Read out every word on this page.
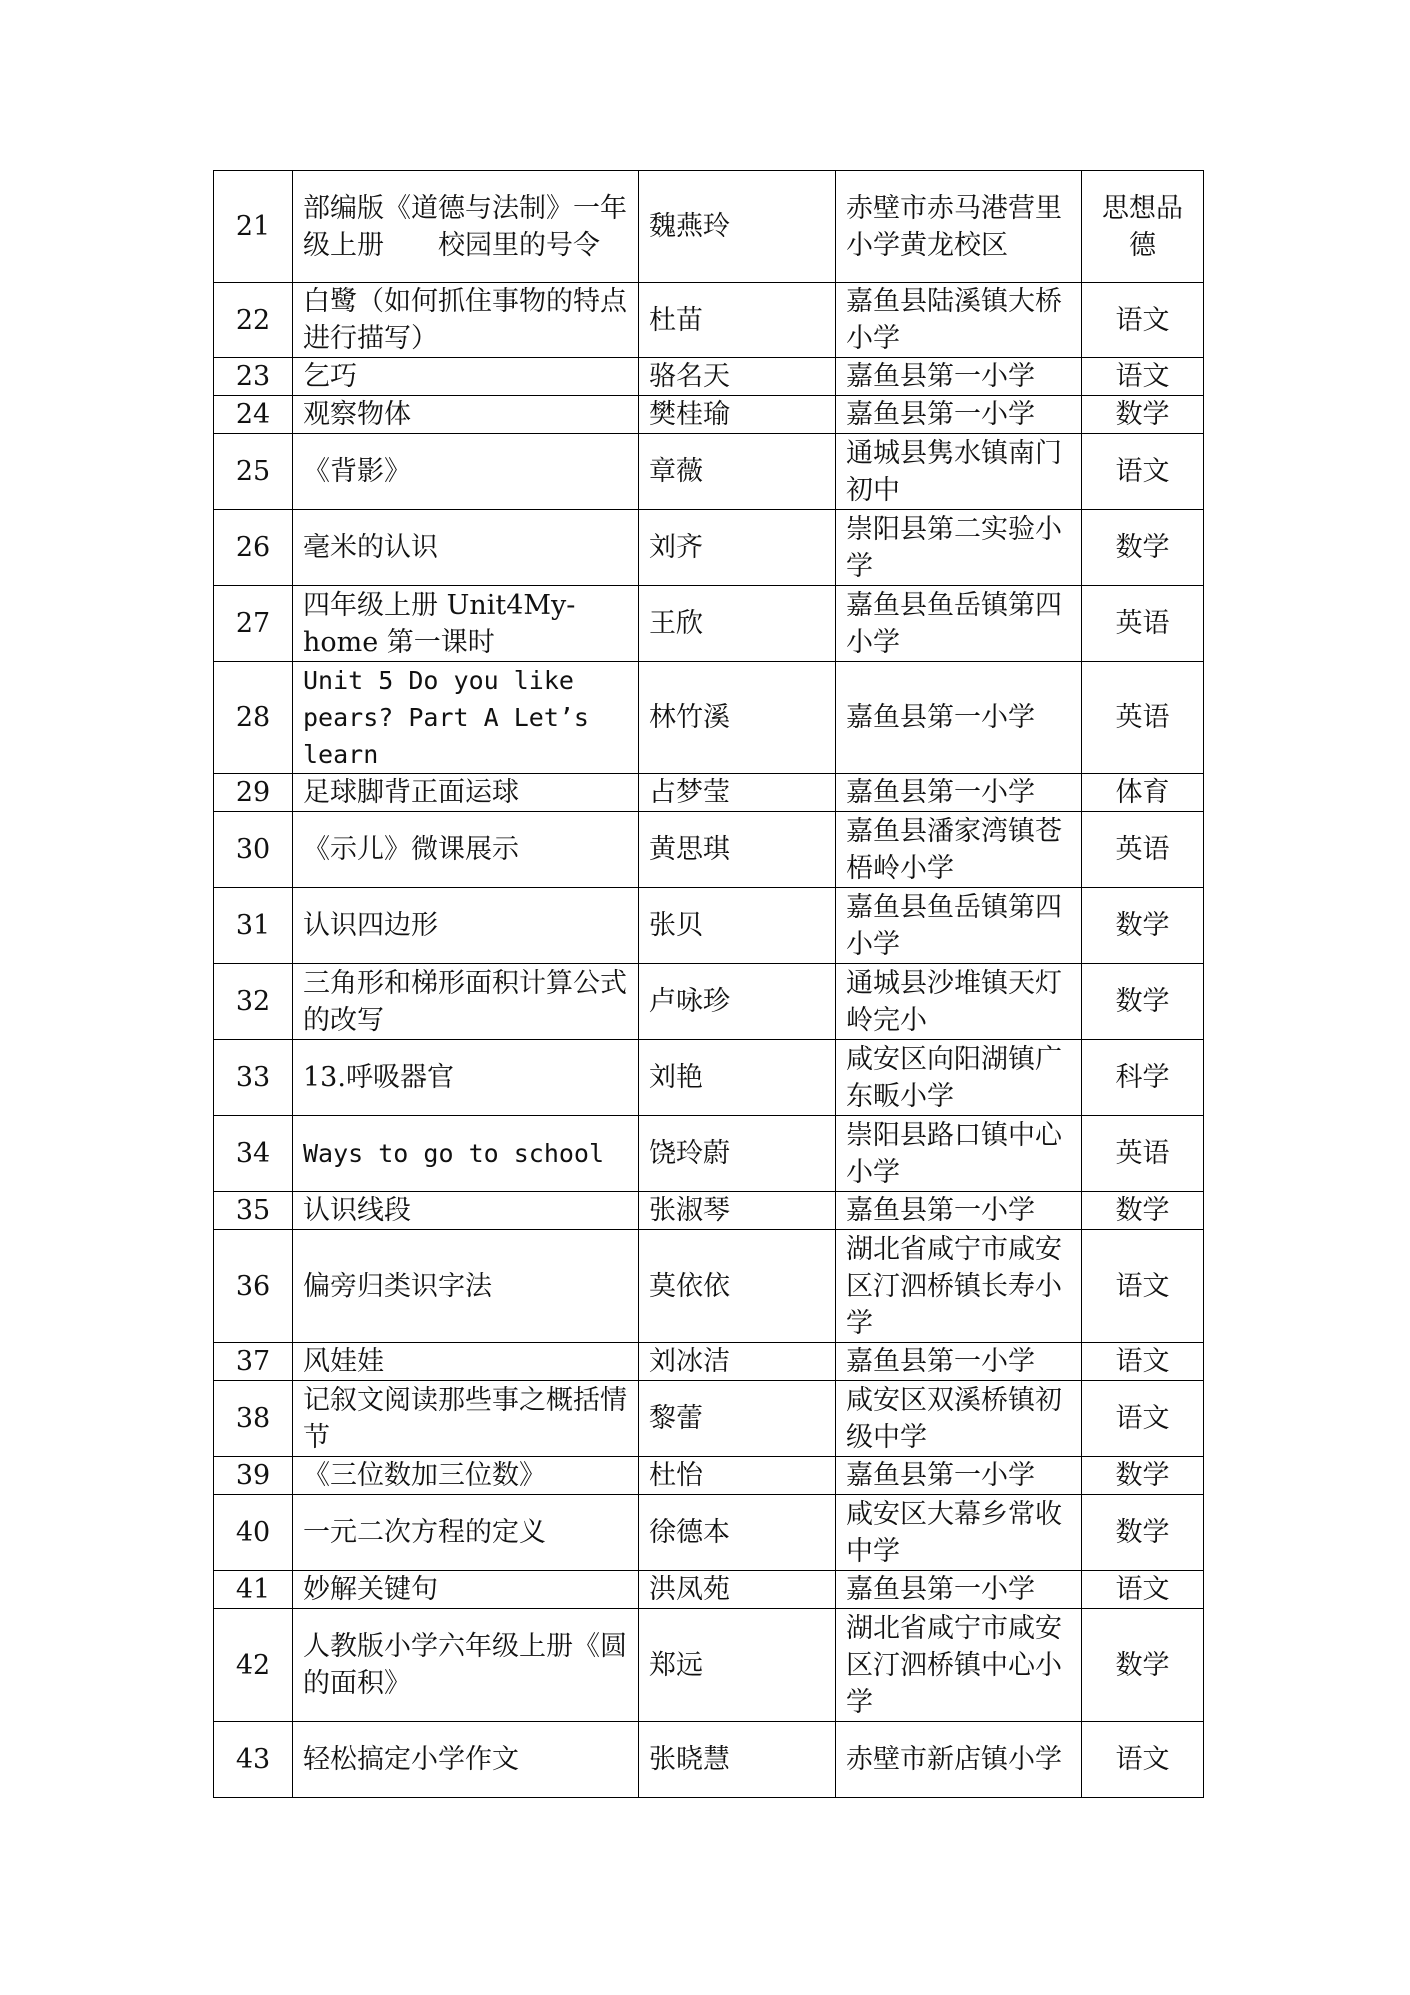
21	部编版《道德与法制》一年级上册　　校园里的号令	魏燕玲	赤壁市赤马港营里小学黄龙校区	思想品德
22	白鹭（如何抓住事物的特点进行描写）	杜苗	嘉鱼县陆溪镇大桥小学	语文
23	乞巧	骆名天	嘉鱼县第一小学	语文
24	观察物体	樊桂瑜	嘉鱼县第一小学	数学
25	《背影》	章薇	通城县隽水镇南门初中	语文
26	毫米的认识	刘齐	崇阳县第二实验小学	数学
27	四年级上册 Unit4My-home 第一课时	王欣	嘉鱼县鱼岳镇第四小学	英语
28	Unit 5 Do you like pears? Part A Let’s learn	林竹溪	嘉鱼县第一小学	英语
29	足球脚背正面运球	占梦莹	嘉鱼县第一小学	体育
30	《示儿》微课展示	黄思琪	嘉鱼县潘家湾镇苍梧岭小学	英语
31	认识四边形	张贝	嘉鱼县鱼岳镇第四小学	数学
32	三角形和梯形面积计算公式的改写	卢咏珍	通城县沙堆镇天灯岭完小	数学
33	13.呼吸器官	刘艳	咸安区向阳湖镇广东畈小学	科学
34	Ways to go to school	饶玲蔚	崇阳县路口镇中心小学	英语
35	认识线段	张淑琴	嘉鱼县第一小学	数学
36	偏旁归类识字法	莫依依	湖北省咸宁市咸安区汀泗桥镇长寿小学	语文
37	风娃娃	刘冰洁	嘉鱼县第一小学	语文
38	记叙文阅读那些事之概括情节	黎蕾	咸安区双溪桥镇初级中学	语文
39	《三位数加三位数》	杜怡	嘉鱼县第一小学	数学
40	一元二次方程的定义	徐德本	咸安区大幕乡常收中学	数学
41	妙解关键句	洪凤苑	嘉鱼县第一小学	语文
42	人教版小学六年级上册《圆的面积》	郑远	湖北省咸宁市咸安区汀泗桥镇中心小学	数学
43	轻松搞定小学作文	张晓慧	赤壁市新店镇小学	语文
